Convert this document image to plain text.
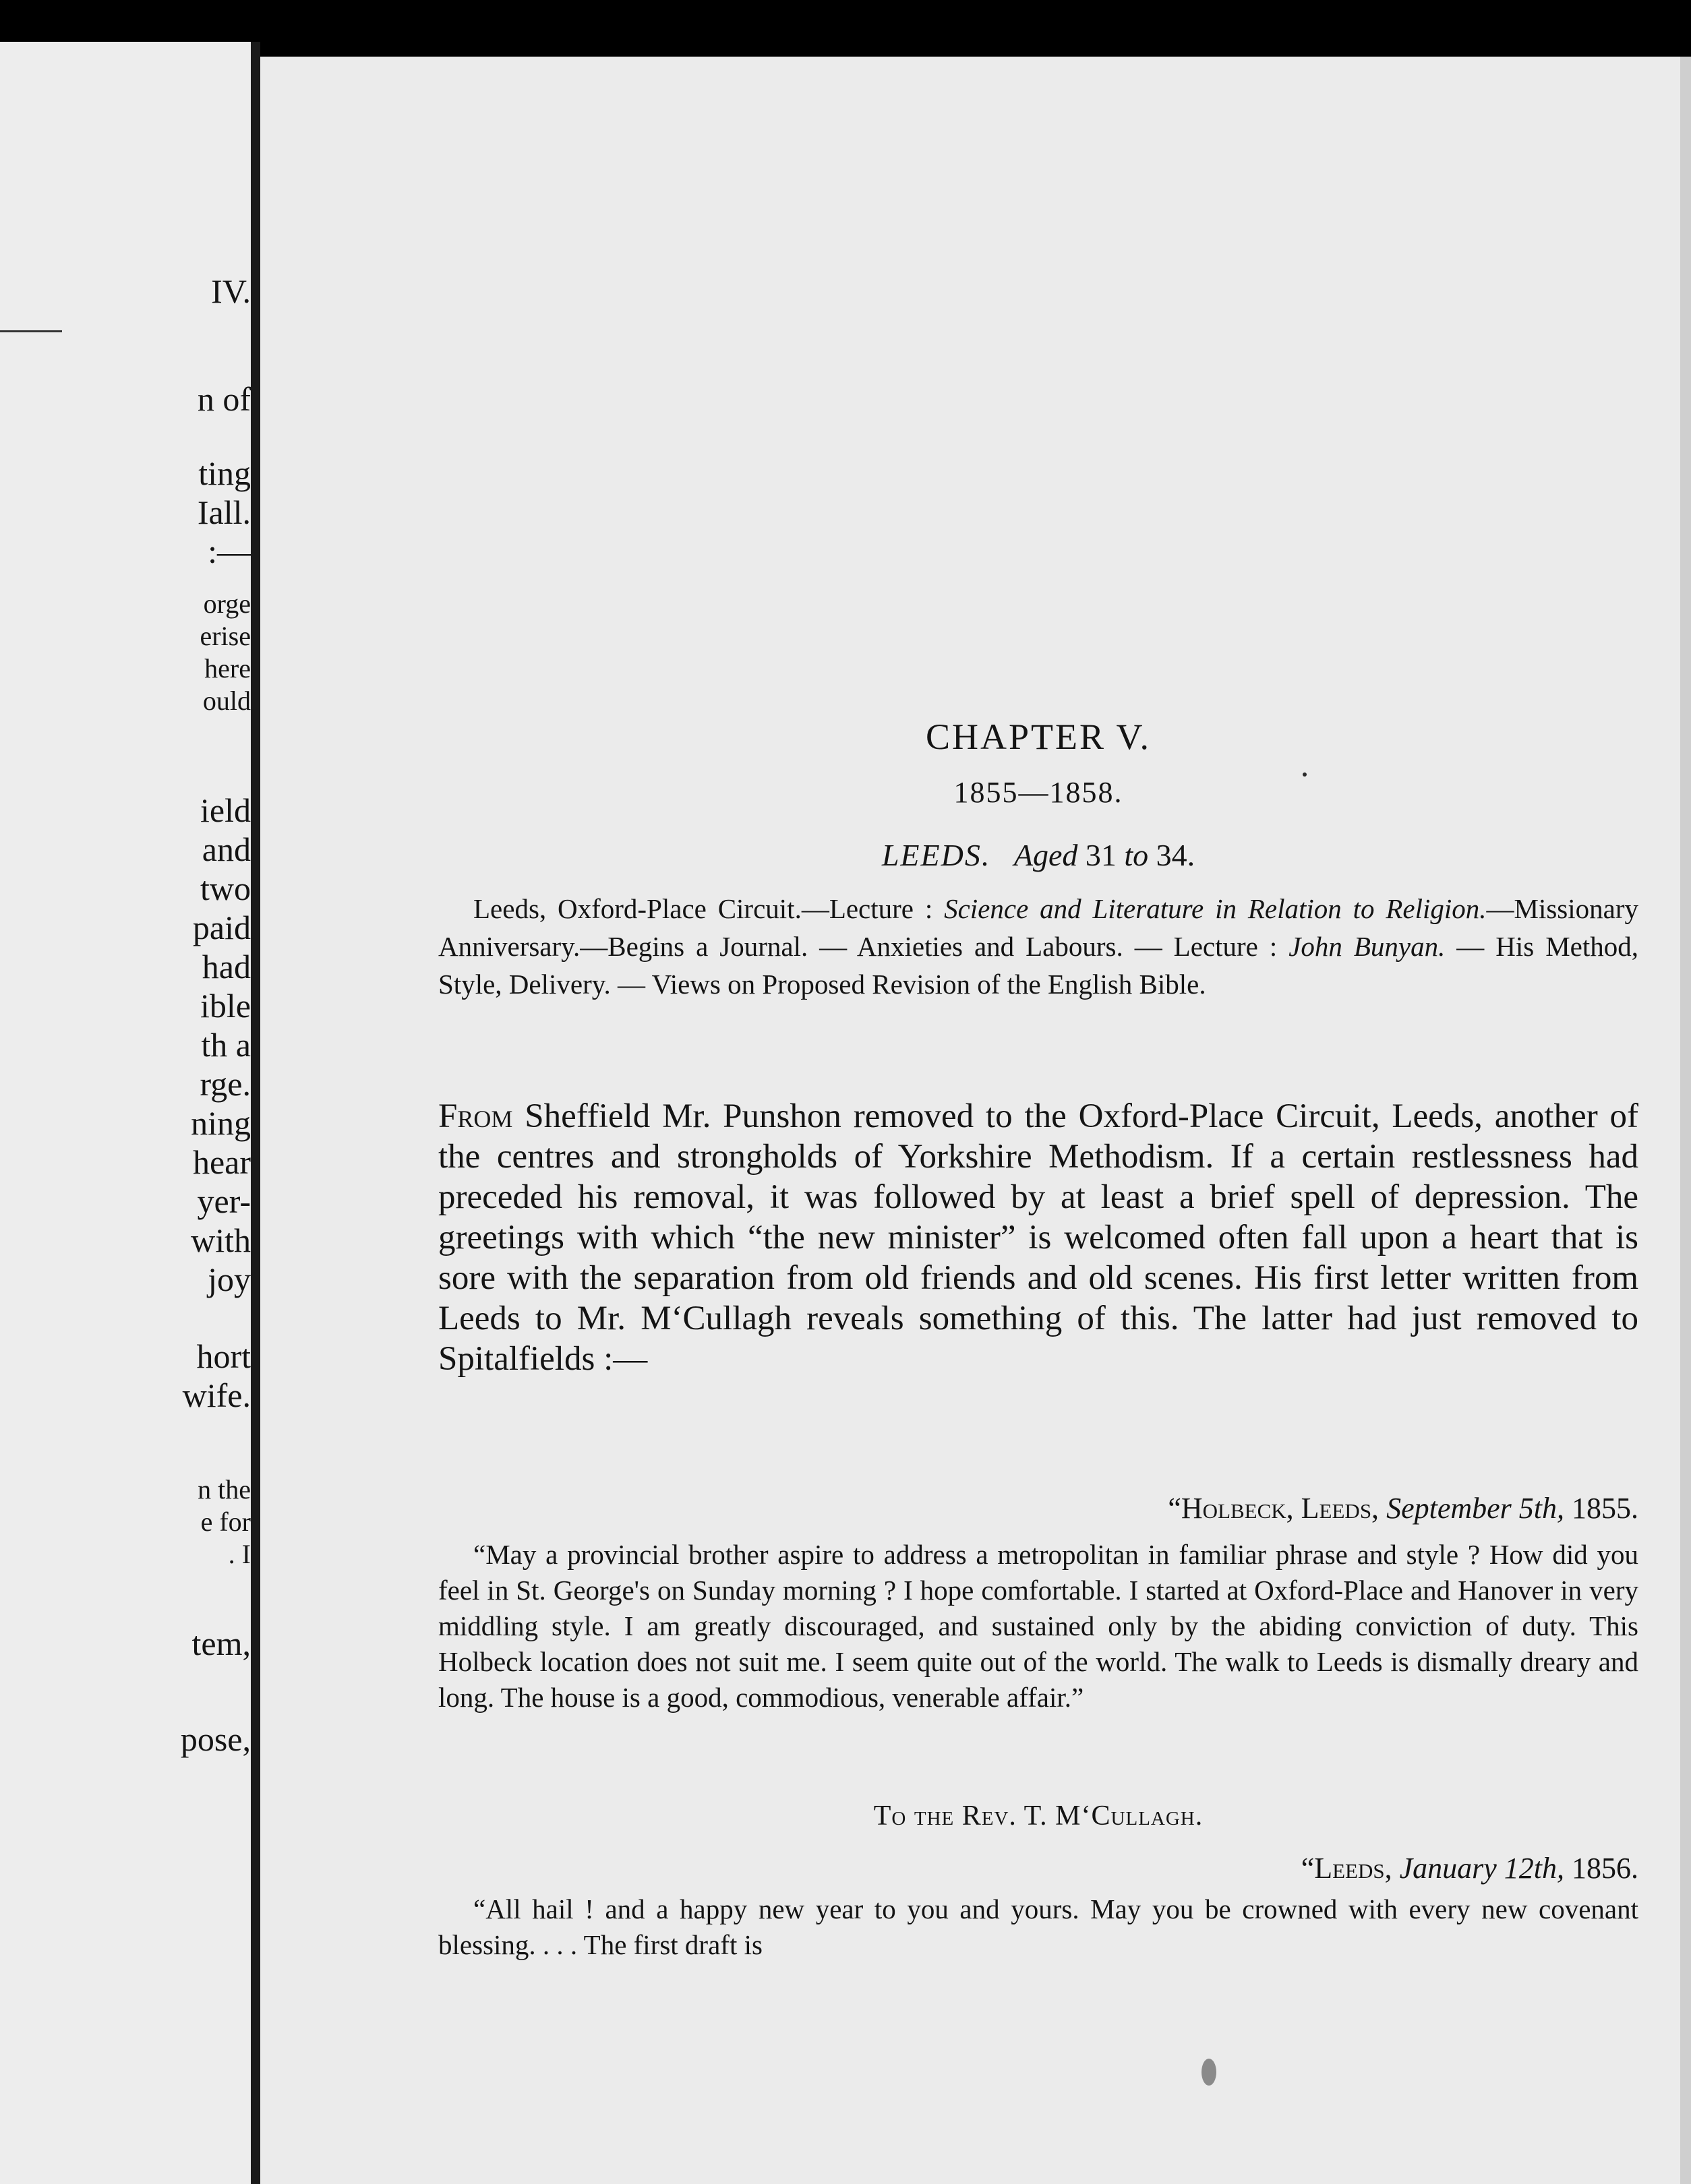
IV.
n of
ting
Iall.
:—
orge
erise
here
ould
ield
and
two
paid
had
ible
th a
rge.
ning
hear
yer-
with
joy
hort
wife.
n the
e for
. I
tem,
pose,
CHAPTER V.
1855—1858.
LEEDS. Aged 31 to 34.
Leeds, Oxford-Place Circuit.—Lecture : Science and Literature in Relation to Religion.—Missionary Anniversary.—Begins a Journal. — Anxieties and Labours. — Lecture : John Bunyan. — His Method, Style, Delivery. — Views on Proposed Revision of the English Bible.
From Sheffield Mr. Punshon removed to the Oxford-Place Circuit, Leeds, another of the centres and strongholds of Yorkshire Methodism. If a certain restlessness had preceded his removal, it was followed by at least a brief spell of depression. The greetings with which “the new minister” is welcomed often fall upon a heart that is sore with the separation from old friends and old scenes. His first letter written from Leeds to Mr. M‘Cullagh reveals something of this. The latter had just removed to Spitalfields :—
“Holbeck, Leeds, September 5th, 1855.
“May a provincial brother aspire to address a metropolitan in familiar phrase and style ? How did you feel in St. George's on Sunday morning ? I hope comfortable. I started at Oxford-Place and Hanover in very middling style. I am greatly discouraged, and sustained only by the abiding conviction of duty. This Holbeck location does not suit me. I seem quite out of the world. The walk to Leeds is dismally dreary and long. The house is a good, commodious, venerable affair.”
To the Rev. T. M‘Cullagh.
“Leeds, January 12th, 1856.
“All hail ! and a happy new year to you and yours. May you be crowned with every new covenant blessing. . . . The first draft is
